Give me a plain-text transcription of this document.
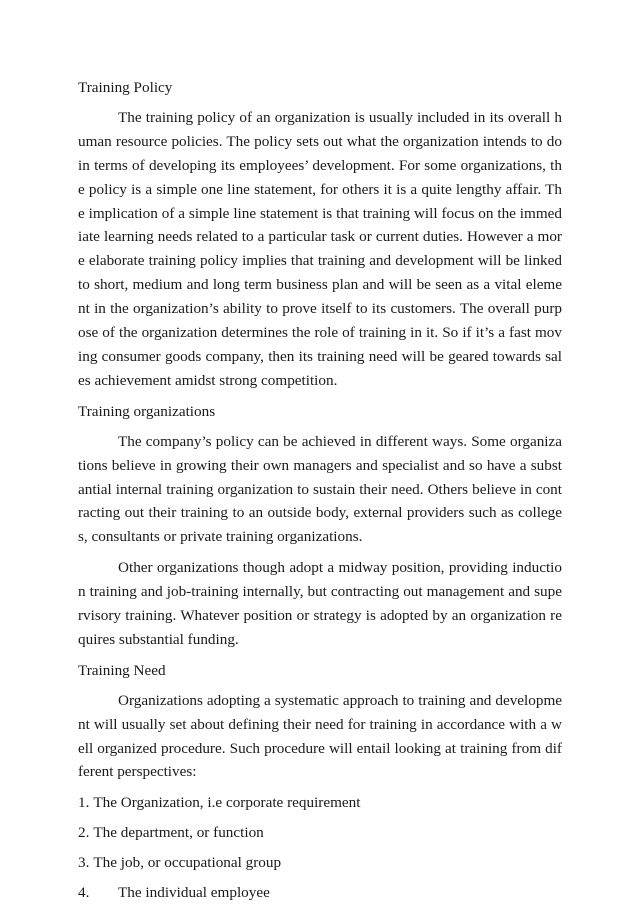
Training Policy

The training policy of an organization is usually included in its overall human resource policies. The policy sets out what the organization intends to do in terms of developing its employees’ development. For some organizations, the policy is a simple one line statement, for others it is a quite lengthy affair. The implication of a simple line statement is that training will focus on the immediate learning needs related to a particular task or current duties. However a more elaborate training policy implies that training and development will be linked to short, medium and long term business plan and will be seen as a vital element in the organization’s ability to prove itself to its customers. The overall purpose of the organization determines the role of training in it. So if it’s a fast moving consumer goods company, then its training need will be geared towards sales achievement amidst strong competition.

Training organizations

The company’s policy can be achieved in different ways. Some organizations believe in growing their own managers and specialist and so have a substantial internal training organization to sustain their need. Others believe in contracting out their training to an outside body, external providers such as colleges, consultants or private training organizations.

Other organizations though adopt a midway position, providing induction training and job-training internally, but contracting out management and supervisory training. Whatever position or strategy is adopted by an organization requires substantial funding.

Training Need

Organizations adopting a systematic approach to training and development will usually set about defining their need for training in accordance with a well organized procedure. Such procedure will entail looking at training from different perspectives:

1. The Organization, i.e corporate requirement
2. The department, or function
3. The job, or occupational group
4. The individual employee
